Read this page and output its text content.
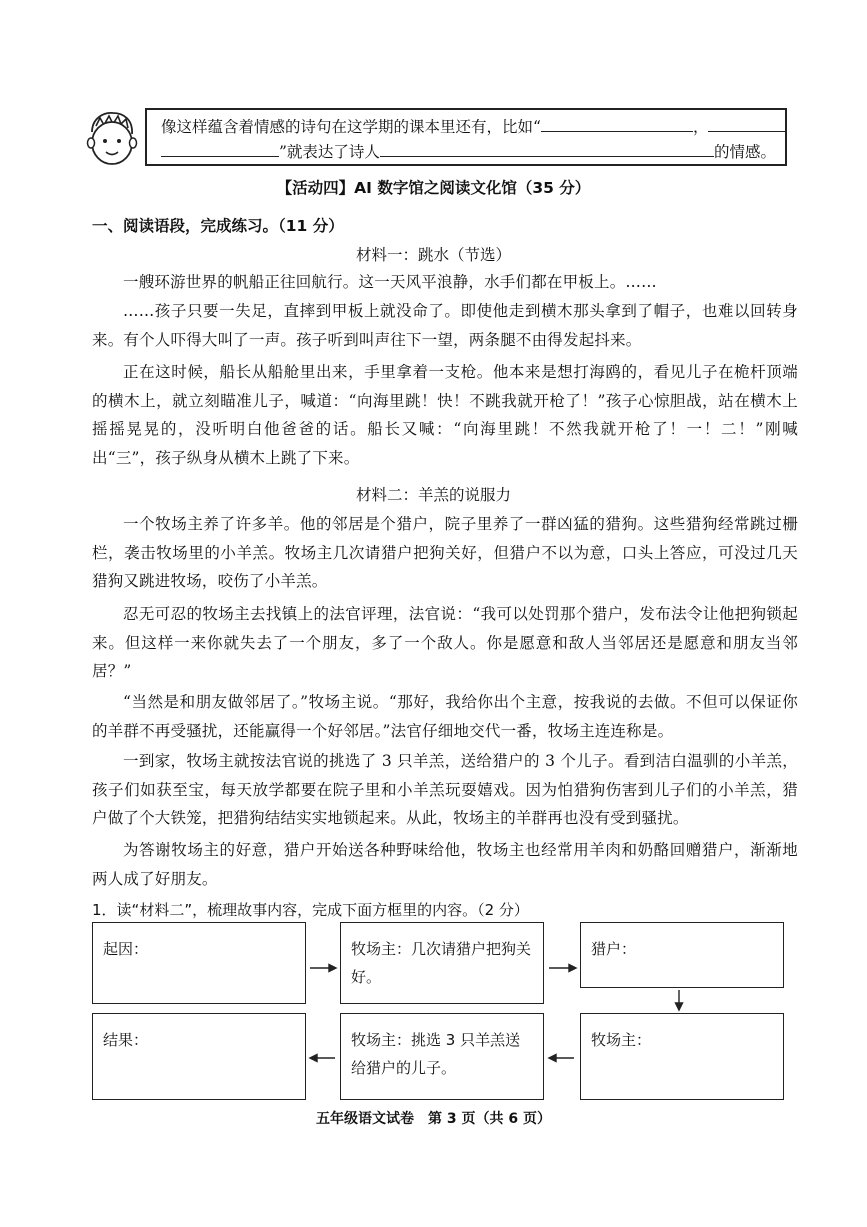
像这样蕴含着情感的诗句在这学期的课本里还有，比如“	，
”就表达了诗人	的情感。
【活动四】AI 数字馆之阅读文化馆（35 分）
一、阅读语段，完成练习。（11 分）
材料一：跳水（节选）
一艘环游世界的帆船正往回航行。这一天风平浪静，水手们都在甲板上。……
……孩子只要一失足，直摔到甲板上就没命了。即使他走到横木那头拿到了帽子，也难以回转身来。有个人吓得大叫了一声。孩子听到叫声往下一望，两条腿不由得发起抖来。
正在这时候，船长从船舱里出来，手里拿着一支枪。他本来是想打海鸥的，看见儿子在桅杆顶端的横木上，就立刻瞄准儿子，喊道：“向海里跳！快！不跳我就开枪了！”孩子心惊胆战，站在横木上摇摇晃晃的，没听明白他爸爸的话。船长又喊：“向海里跳！不然我就开枪了！一！二！”刚喊出“三”，孩子纵身从横木上跳了下来。
材料二：羊羔的说服力
一个牧场主养了许多羊。他的邻居是个猎户，院子里养了一群凶猛的猎狗。这些猎狗经常跳过栅栏，袭击牧场里的小羊羔。牧场主几次请猎户把狗关好，但猎户不以为意，口头上答应，可没过几天猎狗又跳进牧场，咬伤了小羊羔。
忍无可忍的牧场主去找镇上的法官评理，法官说：“我可以处罚那个猎户，发布法令让他把狗锁起来。但这样一来你就失去了一个朋友，多了一个敌人。你是愿意和敌人当邻居还是愿意和朋友当邻居？”
“当然是和朋友做邻居了。”牧场主说。“那好，我给你出个主意，按我说的去做。不但可以保证你的羊群不再受骚扰，还能赢得一个好邻居。”法官仔细地交代一番，牧场主连连称是。
一到家，牧场主就按法官说的挑选了 3 只羊羔，送给猎户的 3 个儿子。看到洁白温驯的小羊羔，孩子们如获至宝，每天放学都要在院子里和小羊羔玩耍嬉戏。因为怕猎狗伤害到儿子们的小羊羔，猎户做了个大铁笼，把猎狗结结实实地锁起来。从此，牧场主的羊群再也没有受到骚扰。
为答谢牧场主的好意，猎户开始送各种野味给他，牧场主也经常用羊肉和奶酪回赠猎户，渐渐地两人成了好朋友。
1．读“材料二”，梳理故事内容，完成下面方框里的内容。（2 分）
起因：	牧场主：几次请猎户把狗关好。
猎户：
牧场主：
牧场主：挑选 3 只羊羔送给猎户的儿子。
结果：
五年级语文试卷　第 3 页（共 6 页）
